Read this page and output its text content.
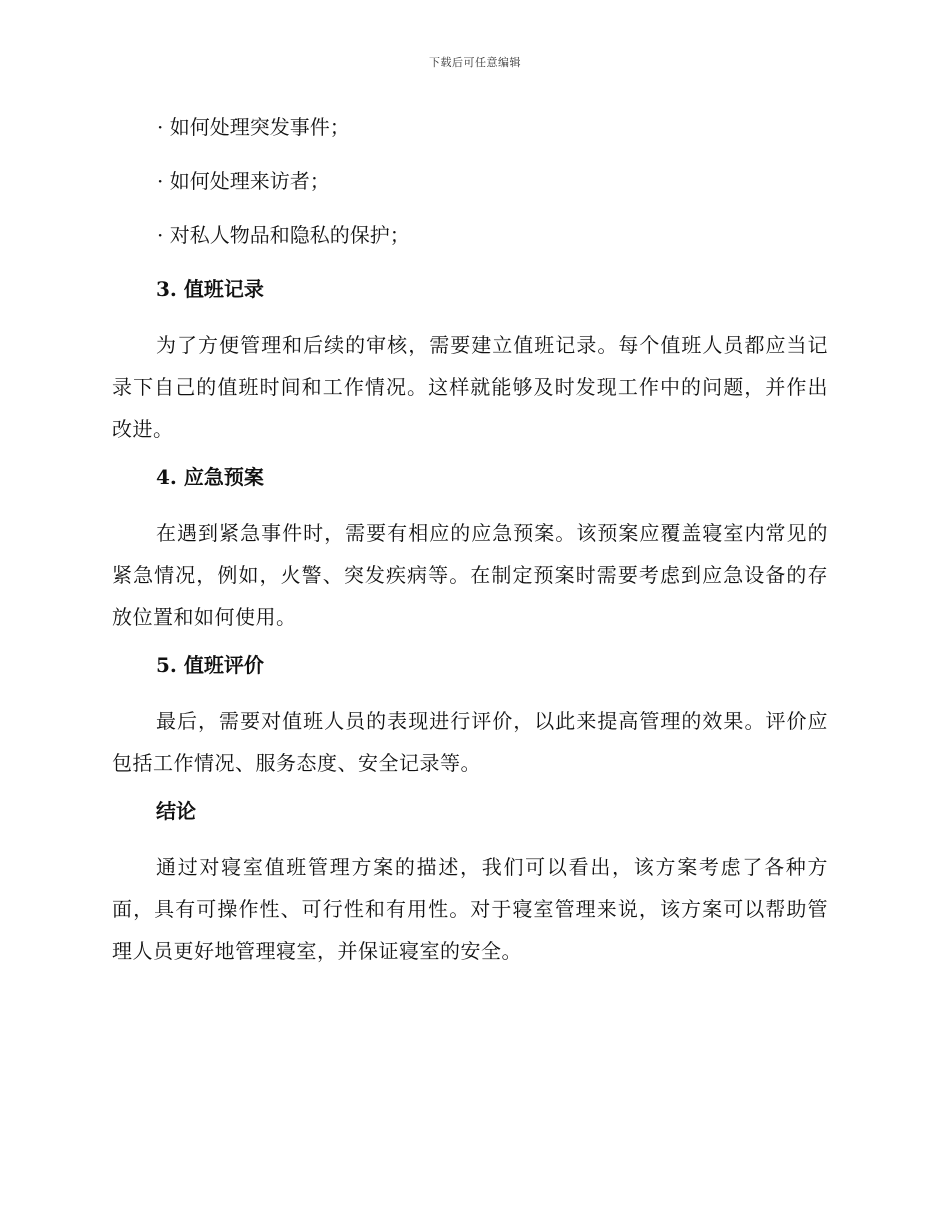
下载后可任意编辑
· 如何处理突发事件；
· 如何处理来访者；
· 对私人物品和隐私的保护；
3. 值班记录
为了方便管理和后续的审核，需要建立值班记录。每个值班人员都应当记录下自己的值班时间和工作情况。这样就能够及时发现工作中的问题，并作出改进。
4. 应急预案
在遇到紧急事件时，需要有相应的应急预案。该预案应覆盖寝室内常见的紧急情况，例如，火警、突发疾病等。在制定预案时需要考虑到应急设备的存放位置和如何使用。
5. 值班评价
最后，需要对值班人员的表现进行评价，以此来提高管理的效果。评价应包括工作情况、服务态度、安全记录等。
结论
通过对寝室值班管理方案的描述，我们可以看出，该方案考虑了各种方面，具有可操作性、可行性和有用性。对于寝室管理来说，该方案可以帮助管理人员更好地管理寝室，并保证寝室的安全。
